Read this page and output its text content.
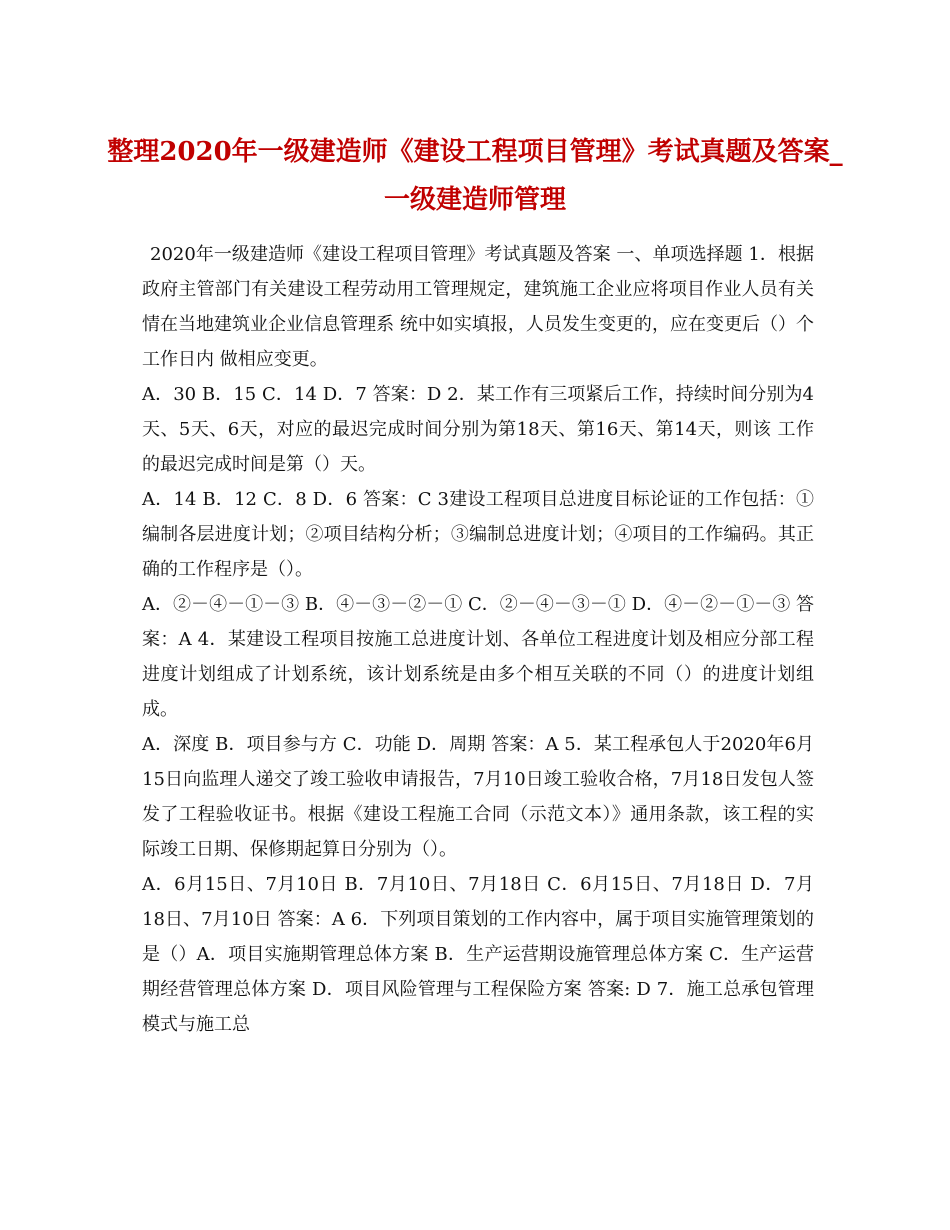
整理2020年一级建造师《建设工程项目管理》考试真题及答案_一级建造师管理

2020年一级建造师《建设工程项目管理》考试真题及答案 一、单项选择题 1．根据政府主管部门有关建设工程劳动用工管理规定，建筑施工企业应将项目作业人员有关情在当地建筑业企业信息管理系 统中如实填报，人员发生变更的，应在变更后（）个工作日内 做相应变更。

A．30 B．15 C．14 D．7 答案：D 2．某工作有三项紧后工作，持续时间分别为4天、5天、6天，对应的最迟完成时间分别为第18天、第16天、第14天，则该 工作的最迟完成时间是第（）天。

A．14 B．12 C．8 D．6 答案：C 3建设工程项目总进度目标论证的工作包括：①编制各层进度计划；②项目结构分析；③编制总进度计划；④项目的工作编码。其正确的工作程序是（）。

A．②－④－①－③ B．④－③－②－① C．②－④－③－① D．④－②－①－③ 答案：A 4．某建设工程项目按施工总进度计划、各单位工程进度计划及相应分部工程进度计划组成了计划系统，该计划系统是由多个相互关联的不同（）的进度计划组成。

A．深度 B．项目参与方 C．功能 D．周期 答案：A 5．某工程承包人于2020年6月15日向监理人递交了竣工验收申请报告，7月10日竣工验收合格，7月18日发包人签发了工程验收证书。根据《建设工程施工合同（示范文本）》通用条款，该工程的实际竣工日期、保修期起算日分别为（）。

A．6月15日、7月10日 B．7月10日、7月18日 C．6月15日、7月18日 D．7月18日、7月10日 答案：A 6．下列项目策划的工作内容中，属于项目实施管理策划的是（）A．项目实施期管理总体方案 B．生产运营期设施管理总体方案 C．生产运营期经营管理总体方案 D．项目风险管理与工程保险方案 答案: D 7．施工总承包管理模式与施工总
